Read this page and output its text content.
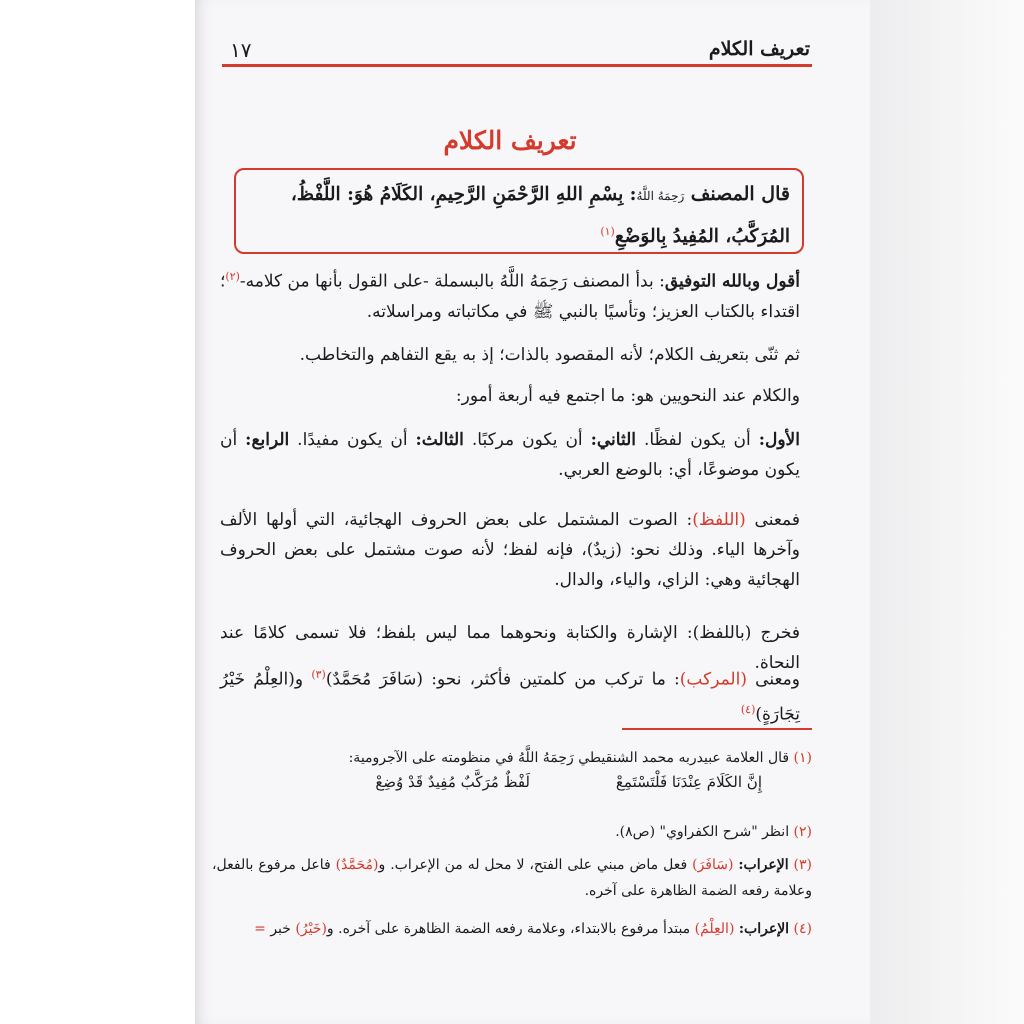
تعريف الكلام
١٧
تعريف الكلام
قال المصنف رَحِمَهُ اللَّهُ: بِسْمِ اللهِ الرَّحْمَنِ الرَّحِيمِ، الكَلَامُ هُوَ: اللَّفْظُ، المُرَكَّبُ، المُفِيدُ بِالوَضْعِ$^{(١)}$
أقول وبالله التوفيق: بدأ المصنف رَحِمَهُ اللَّهُ بالبسملة -على القول بأنها من كلامه-$^{(٢)}$؛ اقتداء بالكتاب العزيز؛ وتأسيًا بالنبي ﷺ في مكاتباته ومراسلاته.
ثم ثنّى بتعريف الكلام؛ لأنه المقصود بالذات؛ إذ به يقع التفاهم والتخاطب.
والكلام عند النحويين هو: ما اجتمع فيه أربعة أمور:
الأول: أن يكون لفظًا. الثاني: أن يكون مركبًا. الثالث: أن يكون مفيدًا. الرابع: أن يكون موضوعًا، أي: بالوضع العربي.
فمعنى (اللفظ): الصوت المشتمل على بعض الحروف الهجائية، التي أولها الألف وآخرها الياء. وذلك نحو: (زيدٌ)، فإنه لفظ؛ لأنه صوت مشتمل على بعض الحروف الهجائية وهي: الزاي، والياء، والدال.
فخرج (باللفظ): الإشارة والكتابة ونحوهما مما ليس بلفظ؛ فلا تسمى كلامًا عند النحاة.
ومعنى (المركب): ما تركب من كلمتين فأكثر، نحو: (سَافَرَ مُحَمَّدٌ)$^{(٣)}$ و(العِلْمُ خَيْرُ تِجَارَةٍ)$^{(٤)}$
(١) قال العلامة عبيدربه محمد الشنقيطي رَحِمَهُ اللَّهُ في منظومته على الآجرومية:
إِنَّ الكَلَامَ عِنْدَنَا فَلْتَسْتَمِعْ
لَفْظٌ مُرَكَّبٌ مُفِيدٌ قَدْ وُضِعْ
(٢) انظر "شرح الكفراوي" (ص٨).
(٣) الإعراب: (سَافَرَ) فعل ماض مبني على الفتح، لا محل له من الإعراب. و(مُحَمَّدٌ) فاعل مرفوع بالفعل، وعلامة رفعه الضمة الظاهرة على آخره.
(٤) الإعراب: (العِلْمُ) مبتدأ مرفوع بالابتداء، وعلامة رفعه الضمة الظاهرة على آخره. و(خَيْرُ) خبر =
